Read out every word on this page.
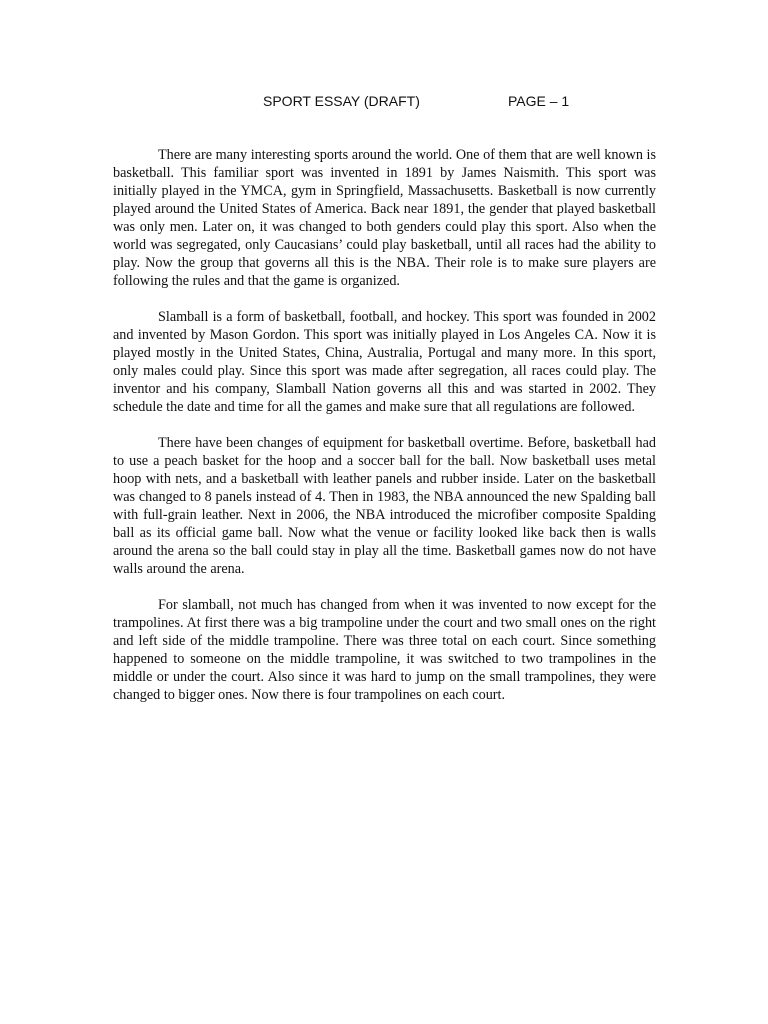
SPORT ESSAY (DRAFT)	PAGE – 1

There are many interesting sports around the world. One of them that are well known is basketball. This familiar sport was invented in 1891 by James Naismith. This sport was initially played in the YMCA, gym in Springfield, Massachusetts. Basketball is now currently played around the United States of America. Back near 1891, the gender that played basketball was only men. Later on, it was changed to both genders could play this sport. Also when the world was segregated, only Caucasians’ could play basketball, until all races had the ability to play. Now the group that governs all this is the NBA. Their role is to make sure players are following the rules and that the game is organized.

Slamball is a form of basketball, football, and hockey. This sport was founded in 2002 and invented by Mason Gordon. This sport was initially played in Los Angeles CA. Now it is played mostly in the United States, China, Australia, Portugal and many more. In this sport, only males could play. Since this sport was made after segregation, all races could play. The inventor and his company, Slamball Nation governs all this and was started in 2002. They schedule the date and time for all the games and make sure that all regulations are followed.

There have been changes of equipment for basketball overtime. Before, basketball had to use a peach basket for the hoop and a soccer ball for the ball. Now basketball uses metal hoop with nets, and a basketball with leather panels and rubber inside. Later on the basketball was changed to 8 panels instead of 4. Then in 1983, the NBA announced the new Spalding ball with full-grain leather. Next in 2006, the NBA introduced the microfiber composite Spalding ball as its official game ball. Now what the venue or facility looked like back then is walls around the arena so the ball could stay in play all the time. Basketball games now do not have walls around the arena.

For slamball, not much has changed from when it was invented to now except for the trampolines. At first there was a big trampoline under the court and two small ones on the right and left side of the middle trampoline. There was three total on each court. Since something happened to someone on the middle trampoline, it was switched to two trampolines in the middle or under the court. Also since it was hard to jump on the small trampolines, they were changed to bigger ones. Now there is four trampolines on each court.
